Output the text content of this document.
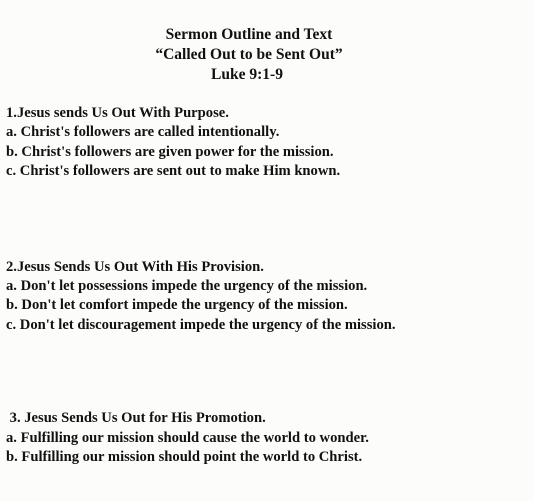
Sermon Outline and Text
“Called Out to be Sent Out”
Luke 9:1-9
1.Jesus sends Us Out With Purpose.
a. Christ's followers are called intentionally.
b. Christ's followers are given power for the mission.
c. Christ's followers are sent out to make Him known.
2.Jesus Sends Us Out With His Provision.
a. Don't let possessions impede the urgency of the mission.
b. Don't let comfort impede the urgency of the mission.
c. Don't let discouragement impede the urgency of the mission.
3. Jesus Sends Us Out for His Promotion.
a. Fulfilling our mission should cause the world to wonder.
b. Fulfilling our mission should point the world to Christ.
